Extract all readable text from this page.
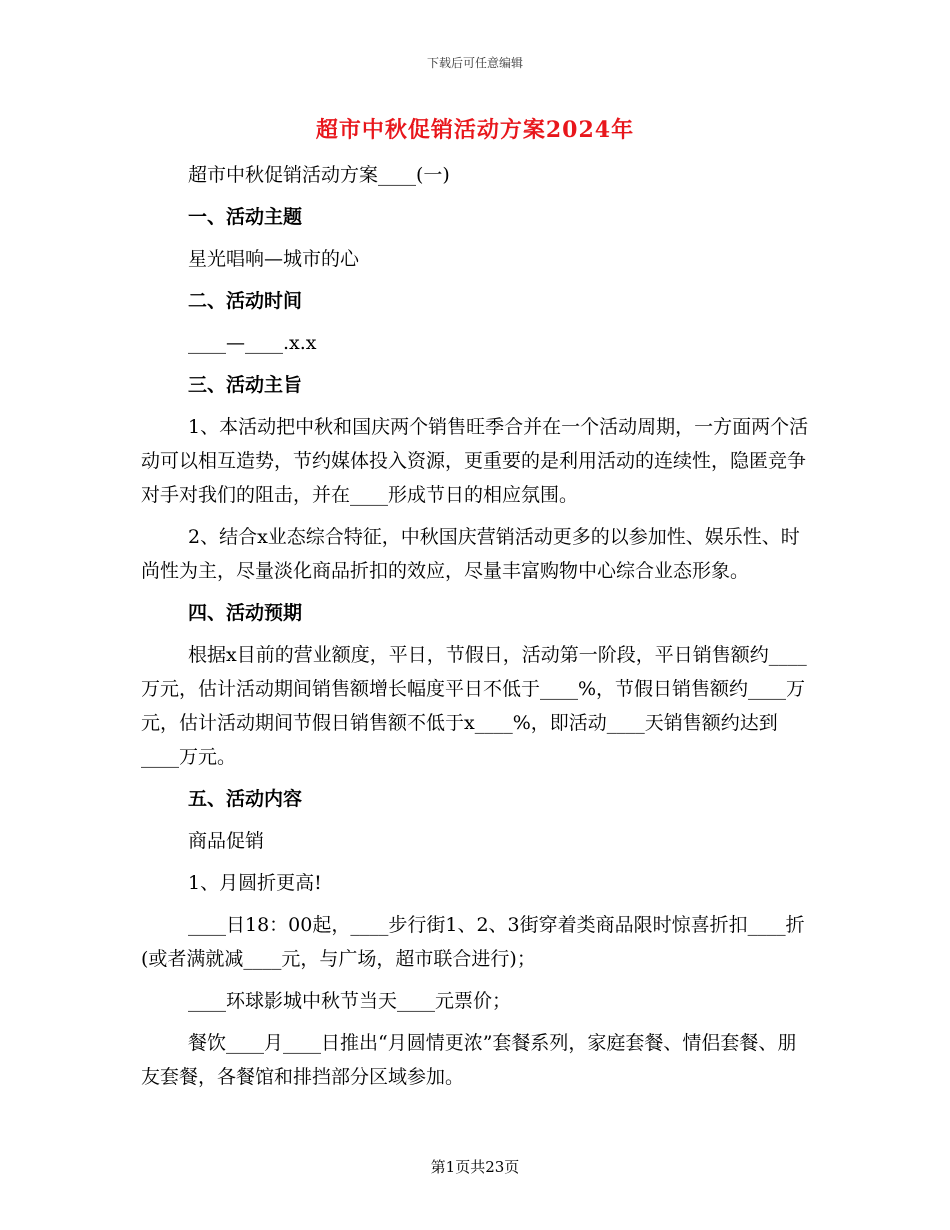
下载后可任意编辑
超市中秋促销活动方案2024年

超市中秋促销活动方案____(一)

一、活动主题

星光唱响—城市的心

二、活动时间

____—____.x.x

三、活动主旨

1、本活动把中秋和国庆两个销售旺季合并在一个活动周期，一方面两个活动可以相互造势，节约媒体投入资源，更重要的是利用活动的连续性，隐匿竞争对手对我们的阻击，并在____形成节日的相应氛围。

2、结合x业态综合特征，中秋国庆营销活动更多的以参加性、娱乐性、时尚性为主，尽量淡化商品折扣的效应，尽量丰富购物中心综合业态形象。

四、活动预期

根据x目前的营业额度，平日，节假日，活动第一阶段，平日销售额约____万元，估计活动期间销售额增长幅度平日不低于____%，节假日销售额约____万元，估计活动期间节假日销售额不低于x____%，即活动____天销售额约达到____万元。

五、活动内容

商品促销

1、月圆折更高!

____日18：00起，____步行街1、2、3街穿着类商品限时惊喜折扣____折(或者满就减____元，与广场，超市联合进行)；

____环球影城中秋节当天____元票价；

餐饮____月____日推出“月圆情更浓”套餐系列，家庭套餐、情侣套餐、朋友套餐，各餐馆和排挡部分区域参加。

第1页共23页
